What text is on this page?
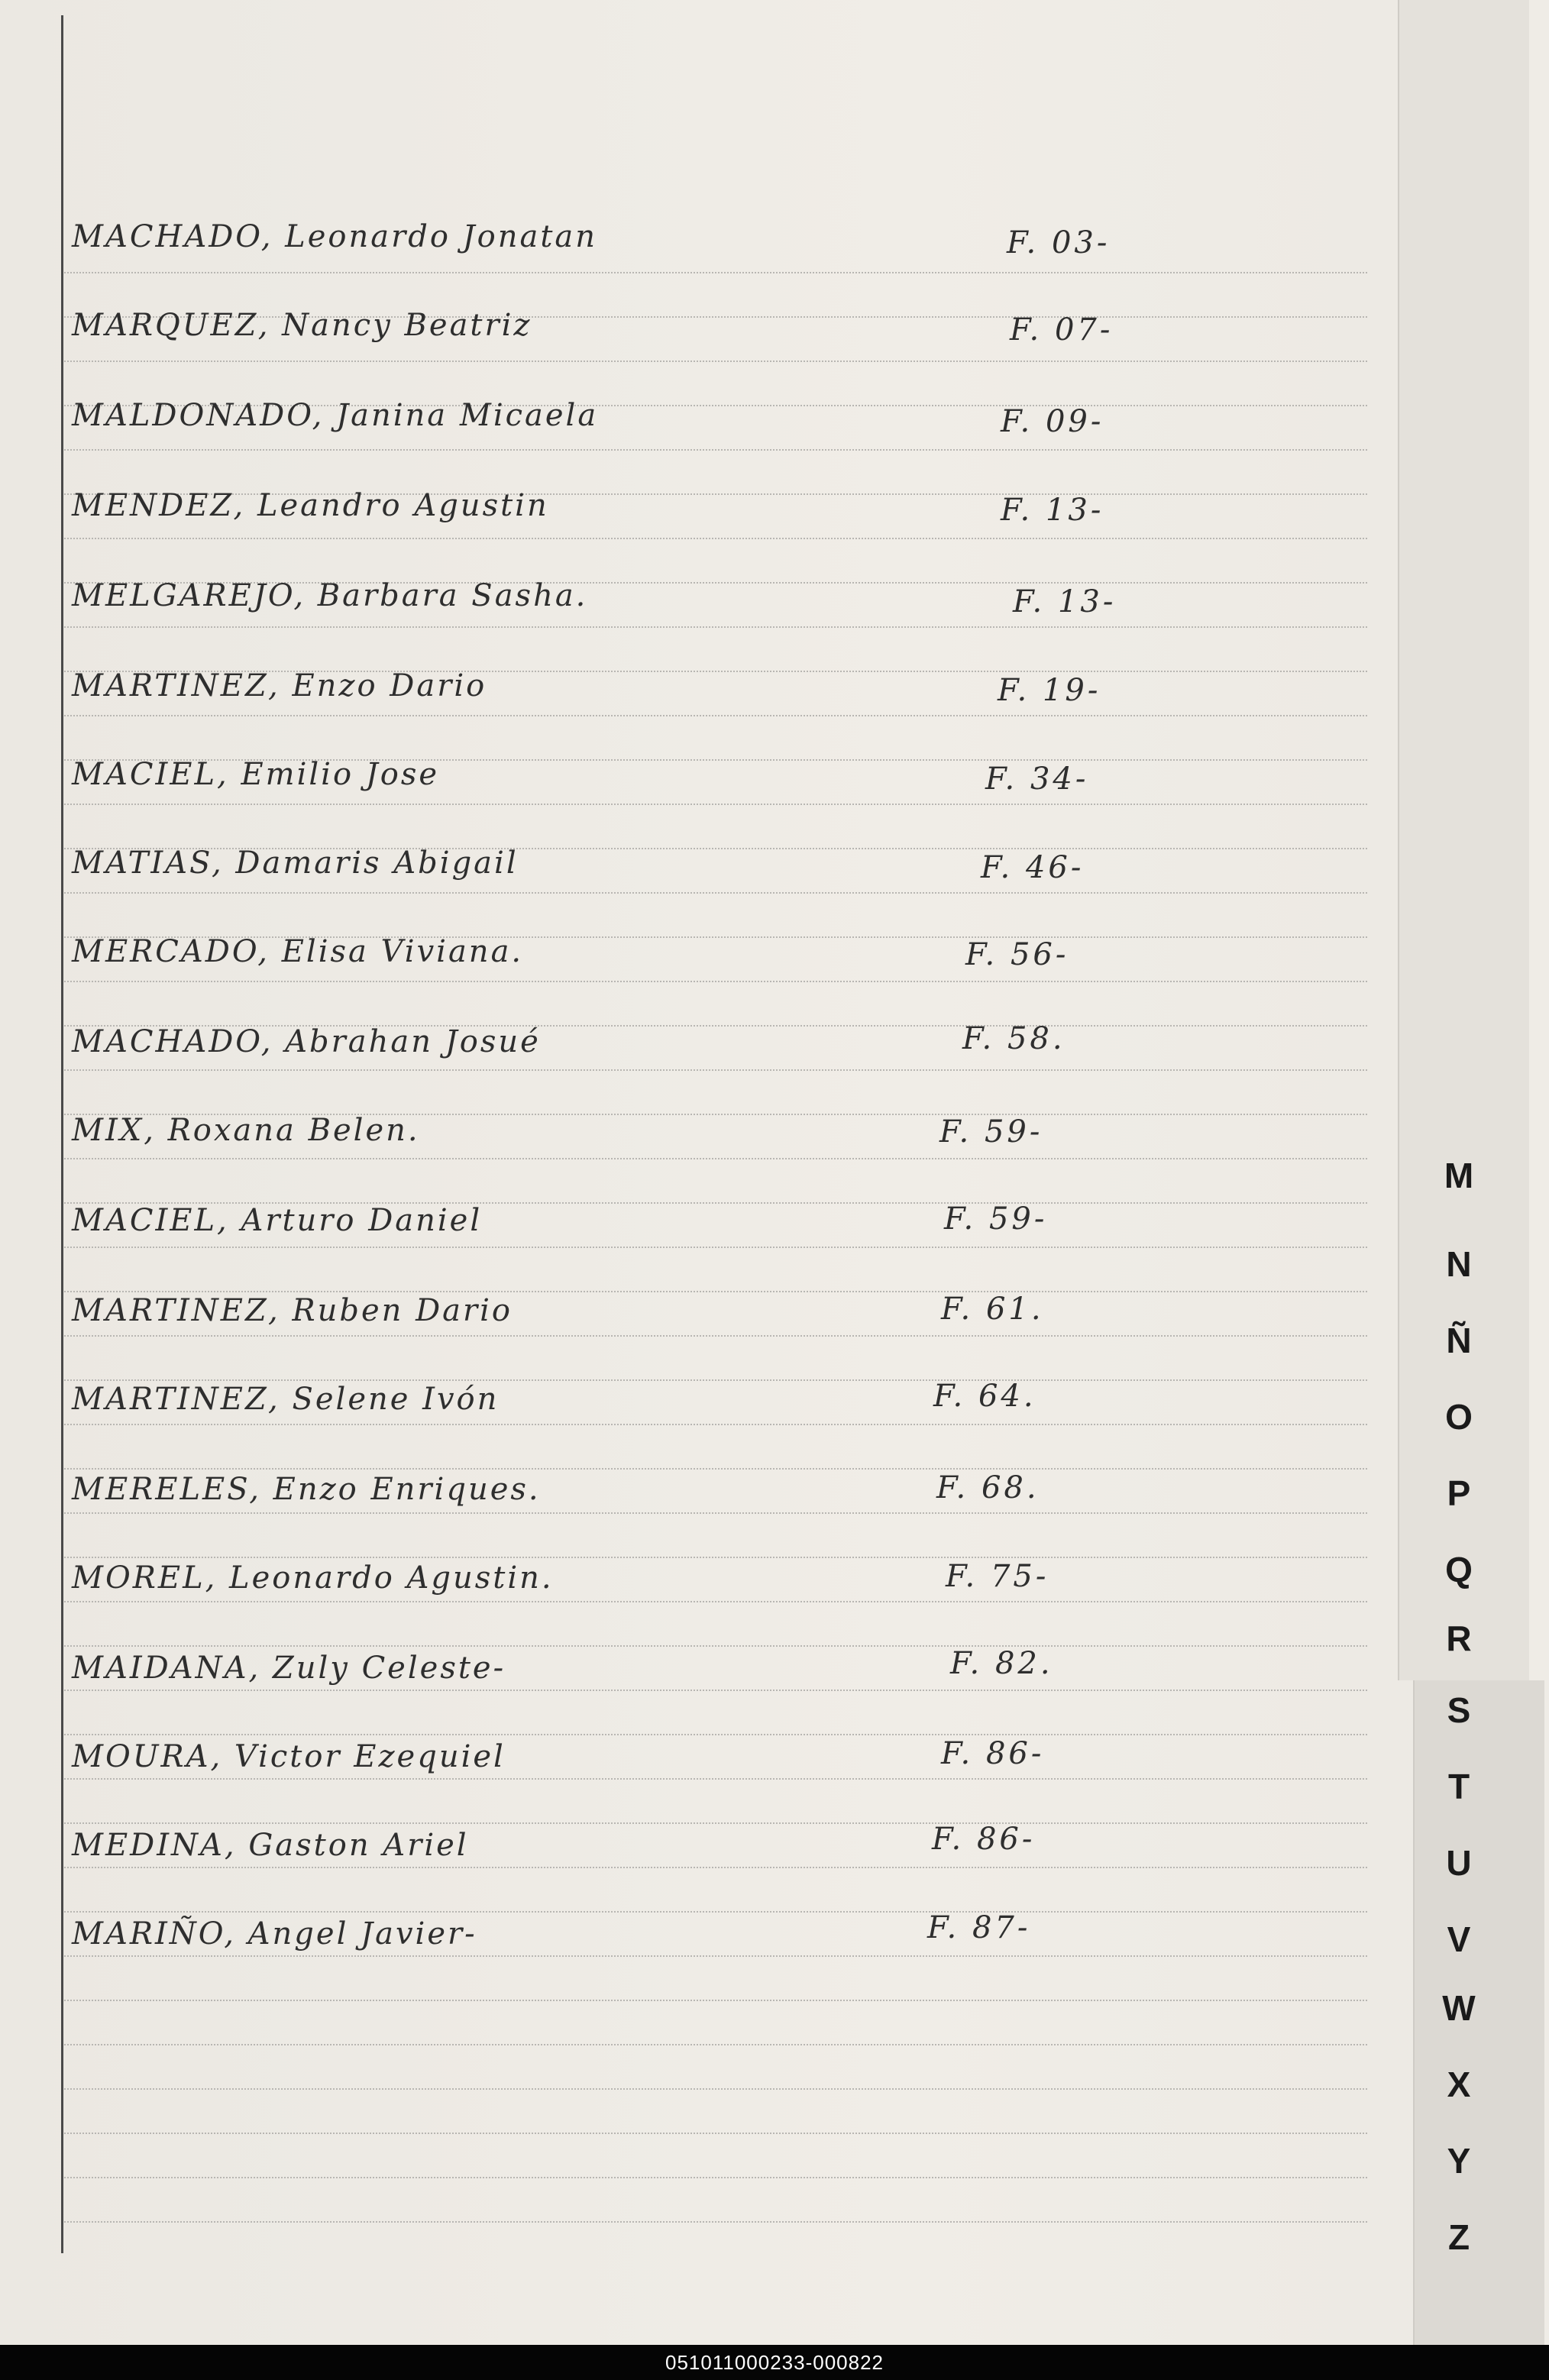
MACHADO, Leonardo Jonatan	F. 03-
MARQUEZ, Nancy Beatriz	F. 07-
MALDONADO, Janina Micaela	F. 09-
MENDEZ, Leandro Agustin	F. 13-
MELGAREJO, Barbara Sasha.	F. 13-
MARTINEZ, Enzo Dario	F. 19-
MACIEL, Emilio Jose	F. 34-
MATIAS, Damaris Abigail	F. 46-
MERCADO, Elisa Viviana.	F. 56-
MACHADO, Abrahan Josué	F. 58.
MIX, Roxana Belen.	F. 59-
MACIEL, Arturo Daniel	F. 59-
MARTINEZ, Ruben Dario	F. 61.
MARTINEZ, Selene Ivón	F. 64.
MERELES, Enzo Enriques.	F. 68.
MOREL, Leonardo Agustin.	F. 75-
MAIDANA, Zuly Celeste-	F. 82.
MOURA, Victor Ezequiel	F. 86-
MEDINA, Gaston Ariel	F. 86-
MARIÑO, Angel Javier-	F. 87-
M
N
Ñ
O
P
Q
R
S
T
U
V
W
X
Y
Z
051011000233-000822
